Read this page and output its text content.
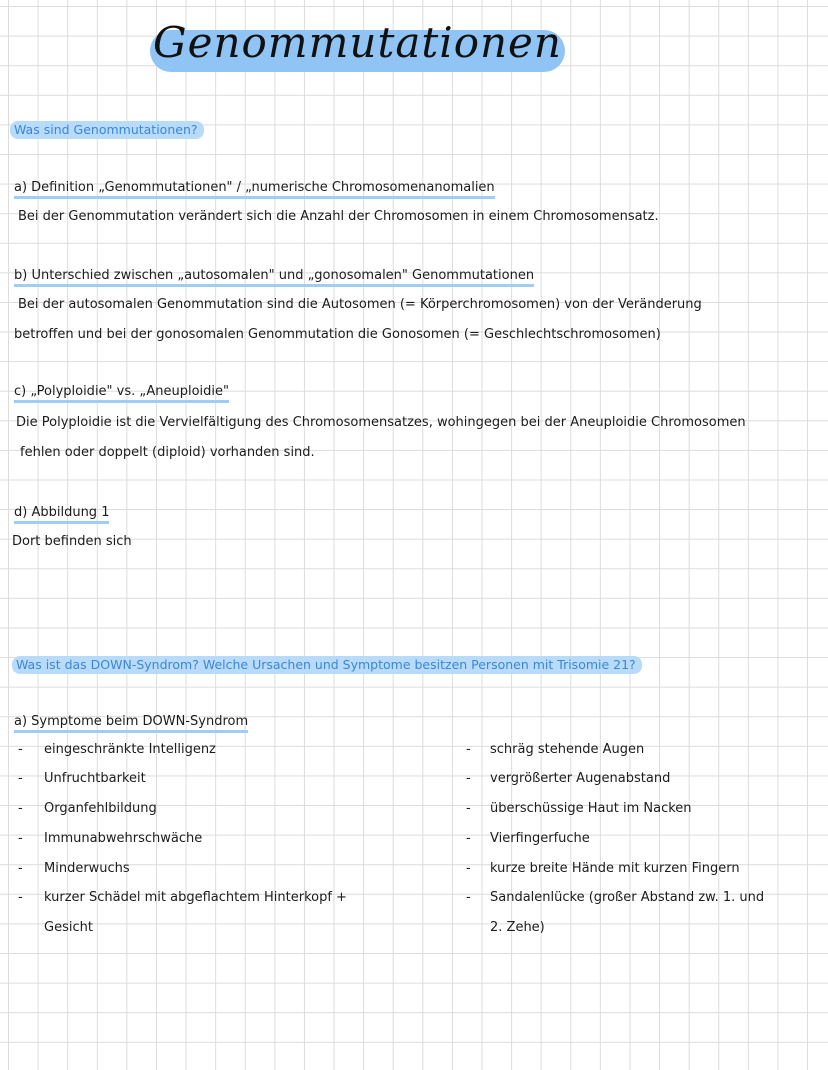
Genommutationen
Was sind Genommutationen?
a) Definition „Genommutationen" / „numerische Chromosomenanomalien
Bei der Genommutation verändert sich die Anzahl der Chromosomen in einem Chromosomensatz.
b) Unterschied zwischen „autosomalen" und „gonosomalen" Genommutationen
Bei der autosomalen Genommutation sind die Autosomen (= Körperchromosomen) von der Veränderung
betroffen und bei der gonosomalen Genommutation die Gonosomen (= Geschlechtschromosomen)
c) „Polyploidie" vs. „Aneuploidie"
Die Polyploidie ist die Vervielfältigung des Chromosomensatzes, wohingegen bei der Aneuploidie Chromosomen
fehlen oder doppelt (diploid) vorhanden sind.
d) Abbildung 1
Dort befinden sich
Was ist das DOWN-Syndrom? Welche Ursachen und Symptome besitzen Personen mit Trisomie 21?
a) Symptome beim DOWN-Syndrom
- eingeschränkte Intelligenz
- Unfruchtbarkeit
- Organfehlbildung
- Immunabwehrschwäche
- Minderwuchs
- kurzer Schädel mit abgeflachtem Hinterkopf +
Gesicht
- schräg stehende Augen
- vergrößerter Augenabstand
- überschüssige Haut im Nacken
- Vierfingerfuche
- kurze breite Hände mit kurzen Fingern
- Sandalenlücke (großer Abstand zw. 1. und
2. Zehe)
